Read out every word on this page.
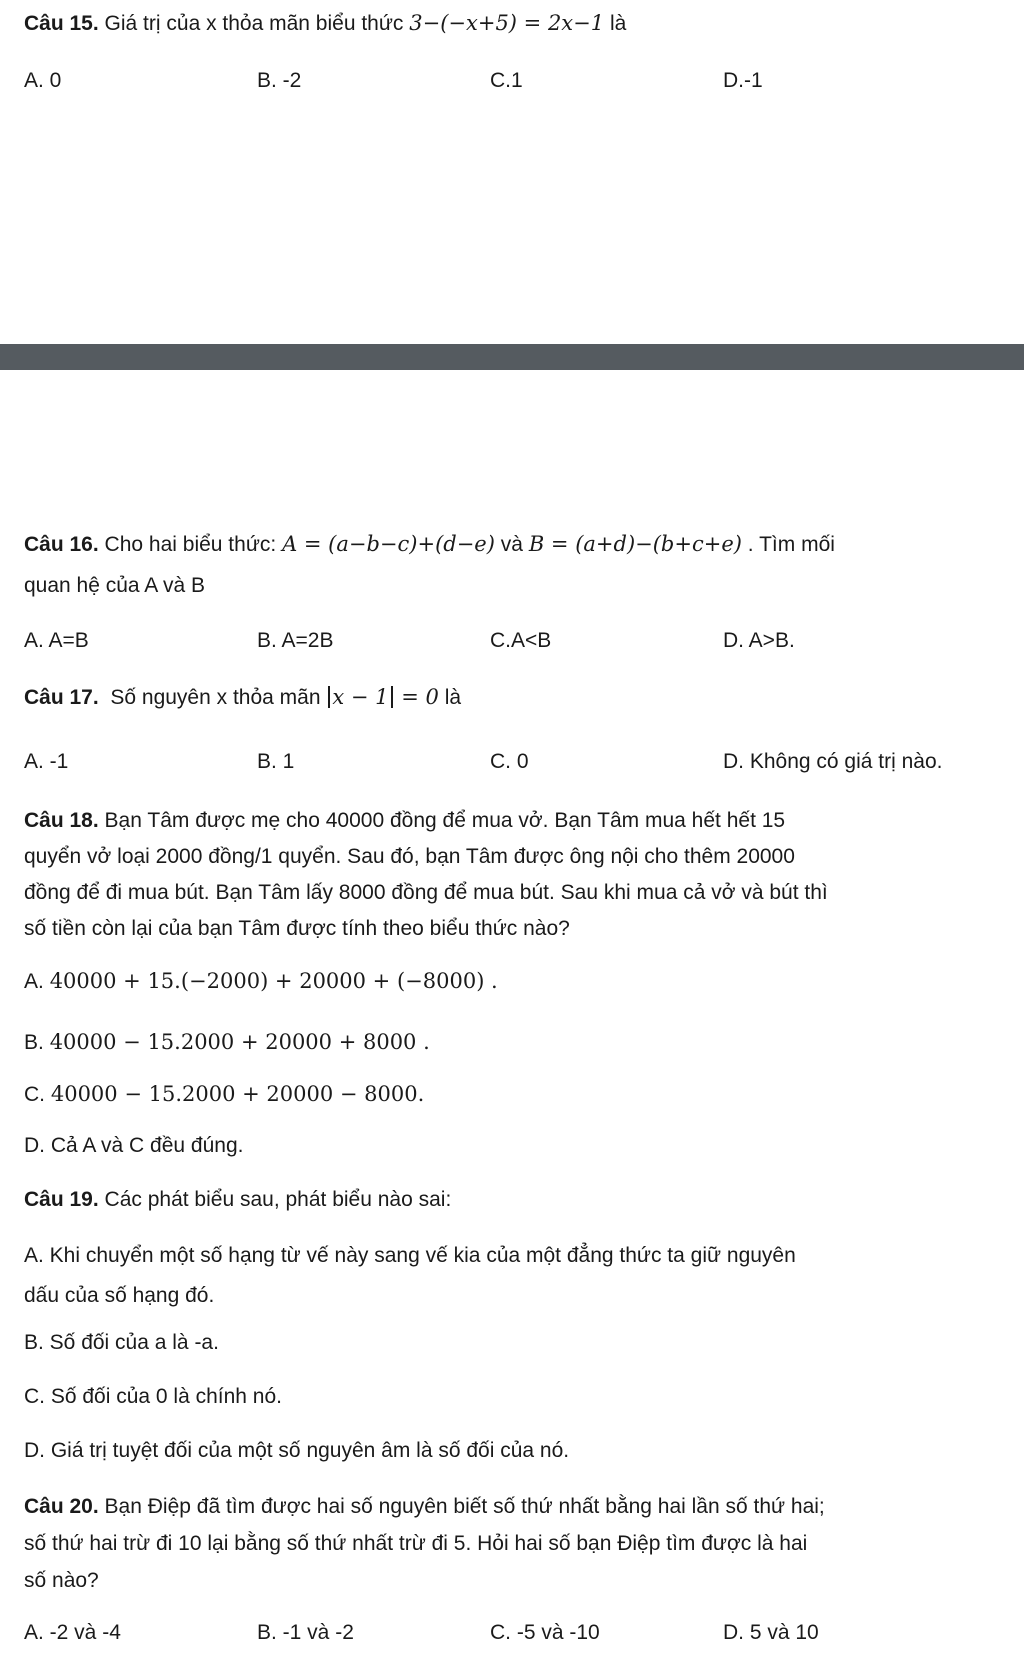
Câu 15. Giá trị của x thỏa mãn biểu thức 3−(−x+5) = 2x−1 là
A. 0	B. -2	C.1	D.-1
Câu 16. Cho hai biểu thức: A = (a−b−c)+(d−e) và B = (a+d)−(b+c+e) . Tìm mối
quan hệ của A và B
A. A=B	B. A=2B	C.A<B	D. A>B.
Câu 17. Số nguyên x thỏa mãn x − 1 = 0 là
A. -1	B. 1	C. 0	D. Không có giá trị nào.
Câu 18. Bạn Tâm được mẹ cho 40000 đồng để mua vở. Bạn Tâm mua hết hết 15
quyển vở loại 2000 đồng/1 quyển. Sau đó, bạn Tâm được ông nội cho thêm 20000
đồng để đi mua bút. Bạn Tâm lấy 8000 đồng để mua bút. Sau khi mua cả vở và bút thì
số tiền còn lại của bạn Tâm được tính theo biểu thức nào?
A. 40000 + 15.(−2000) + 20000 + (−8000) .
B. 40000 − 15.2000 + 20000 + 8000 .
C. 40000 − 15.2000 + 20000 − 8000.
D. Cả A và C đều đúng.
Câu 19. Các phát biểu sau, phát biểu nào sai:
A. Khi chuyển một số hạng từ vế này sang vế kia của một đẳng thức ta giữ nguyên
dấu của số hạng đó.
B. Số đối của a là -a.
C. Số đối của 0 là chính nó.
D. Giá trị tuyệt đối của một số nguyên âm là số đối của nó.
Câu 20. Bạn Điệp đã tìm được hai số nguyên biết số thứ nhất bằng hai lần số thứ hai;
số thứ hai trừ đi 10 lại bằng số thứ nhất trừ đi 5. Hỏi hai số bạn Điệp tìm được là hai
số nào?
A. -2 và -4	B. -1 và -2	C. -5 và -10	D. 5 và 10
